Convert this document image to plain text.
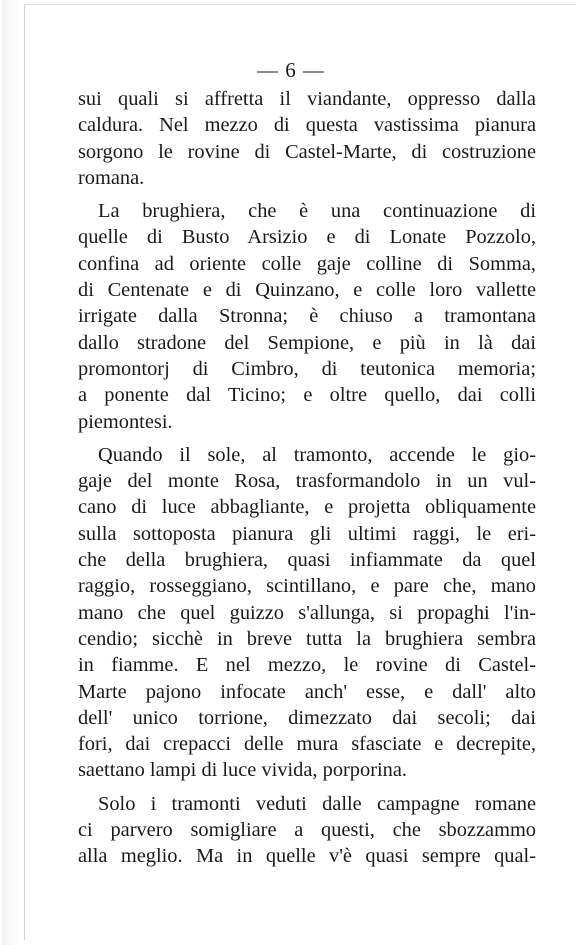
— 6 —
sui quali si affretta il viandante, oppresso dalla
caldura. Nel mezzo di questa vastissima pianura
sorgono le rovine di Castel-Marte, di costruzione
romana.
La brughiera, che è una continuazione di
quelle di Busto Arsizio e di Lonate Pozzolo,
confina ad oriente colle gaje colline di Somma,
di Centenate e di Quinzano, e colle loro vallette
irrigate dalla Stronna; è chiuso a tramontana
dallo stradone del Sempione, e più in là dai
promontorj di Cimbro, di teutonica memoria;
a ponente dal Ticino; e oltre quello, dai colli
piemontesi.
Quando il sole, al tramonto, accende le gio-
gaje del monte Rosa, trasformandolo in un vul-
cano di luce abbagliante, e projetta obliquamente
sulla sottoposta pianura gli ultimi raggi, le eri-
che della brughiera, quasi infiammate da quel
raggio, rosseggiano, scintillano, e pare che, mano
mano che quel guizzo s'allunga, si propaghi l'in-
cendio; sicchè in breve tutta la brughiera sembra
in fiamme. E nel mezzo, le rovine di Castel-
Marte pajono infocate anch' esse, e dall' alto
dell' unico torrione, dimezzato dai secoli; dai
fori, dai crepacci delle mura sfasciate e decrepite,
saettano lampi di luce vivida, porporina.
Solo i tramonti veduti dalle campagne romane
ci parvero somigliare a questi, che sbozzammo
alla meglio. Ma in quelle v'è quasi sempre qual-
